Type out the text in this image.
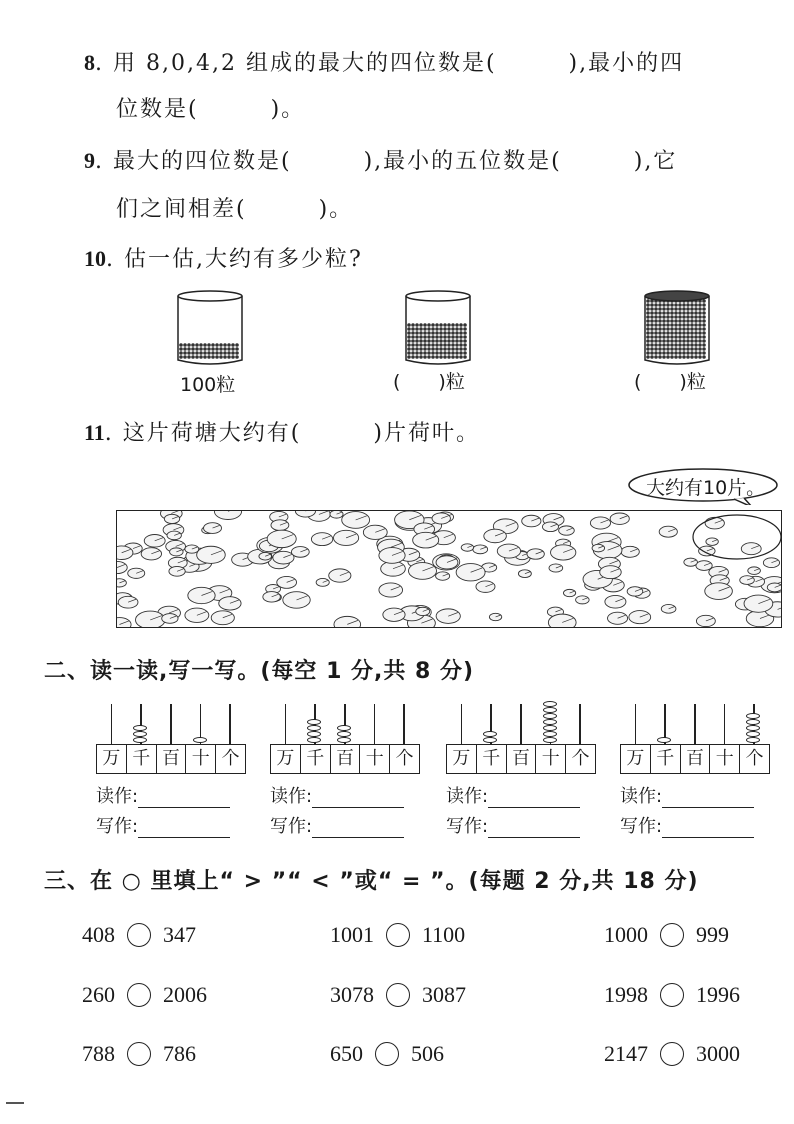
8. 用 8,0,4,2 组成的最大的四位数是(　　　),最小的四
位数是(　　　)。
9. 最大的四位数是(　　　),最小的五位数是(　　　),它
们之间相差(　　　)。
10. 估一估,大约有多少粒?
100粒	(　　)粒	(　　)粒
11. 这片荷塘大约有(　　　)片荷叶。
大约有10片。
二、读一读,写一写。(每空 1 分,共 8 分)
万 千 百 十 个
读作:
写作:
万 千 百 十 个
读作:
写作:
万 千 百 十 个
读作:
写作:
万 千 百 十 个
读作:
写作:
三、在 ○ 里填上“ > ”“ < ”或“ = ”。(每题 2 分,共 18 分)
408 347	1001 1100	1000 999
260 2006	3078 3087	1998 1996
788 786	650 506	2147 3000
